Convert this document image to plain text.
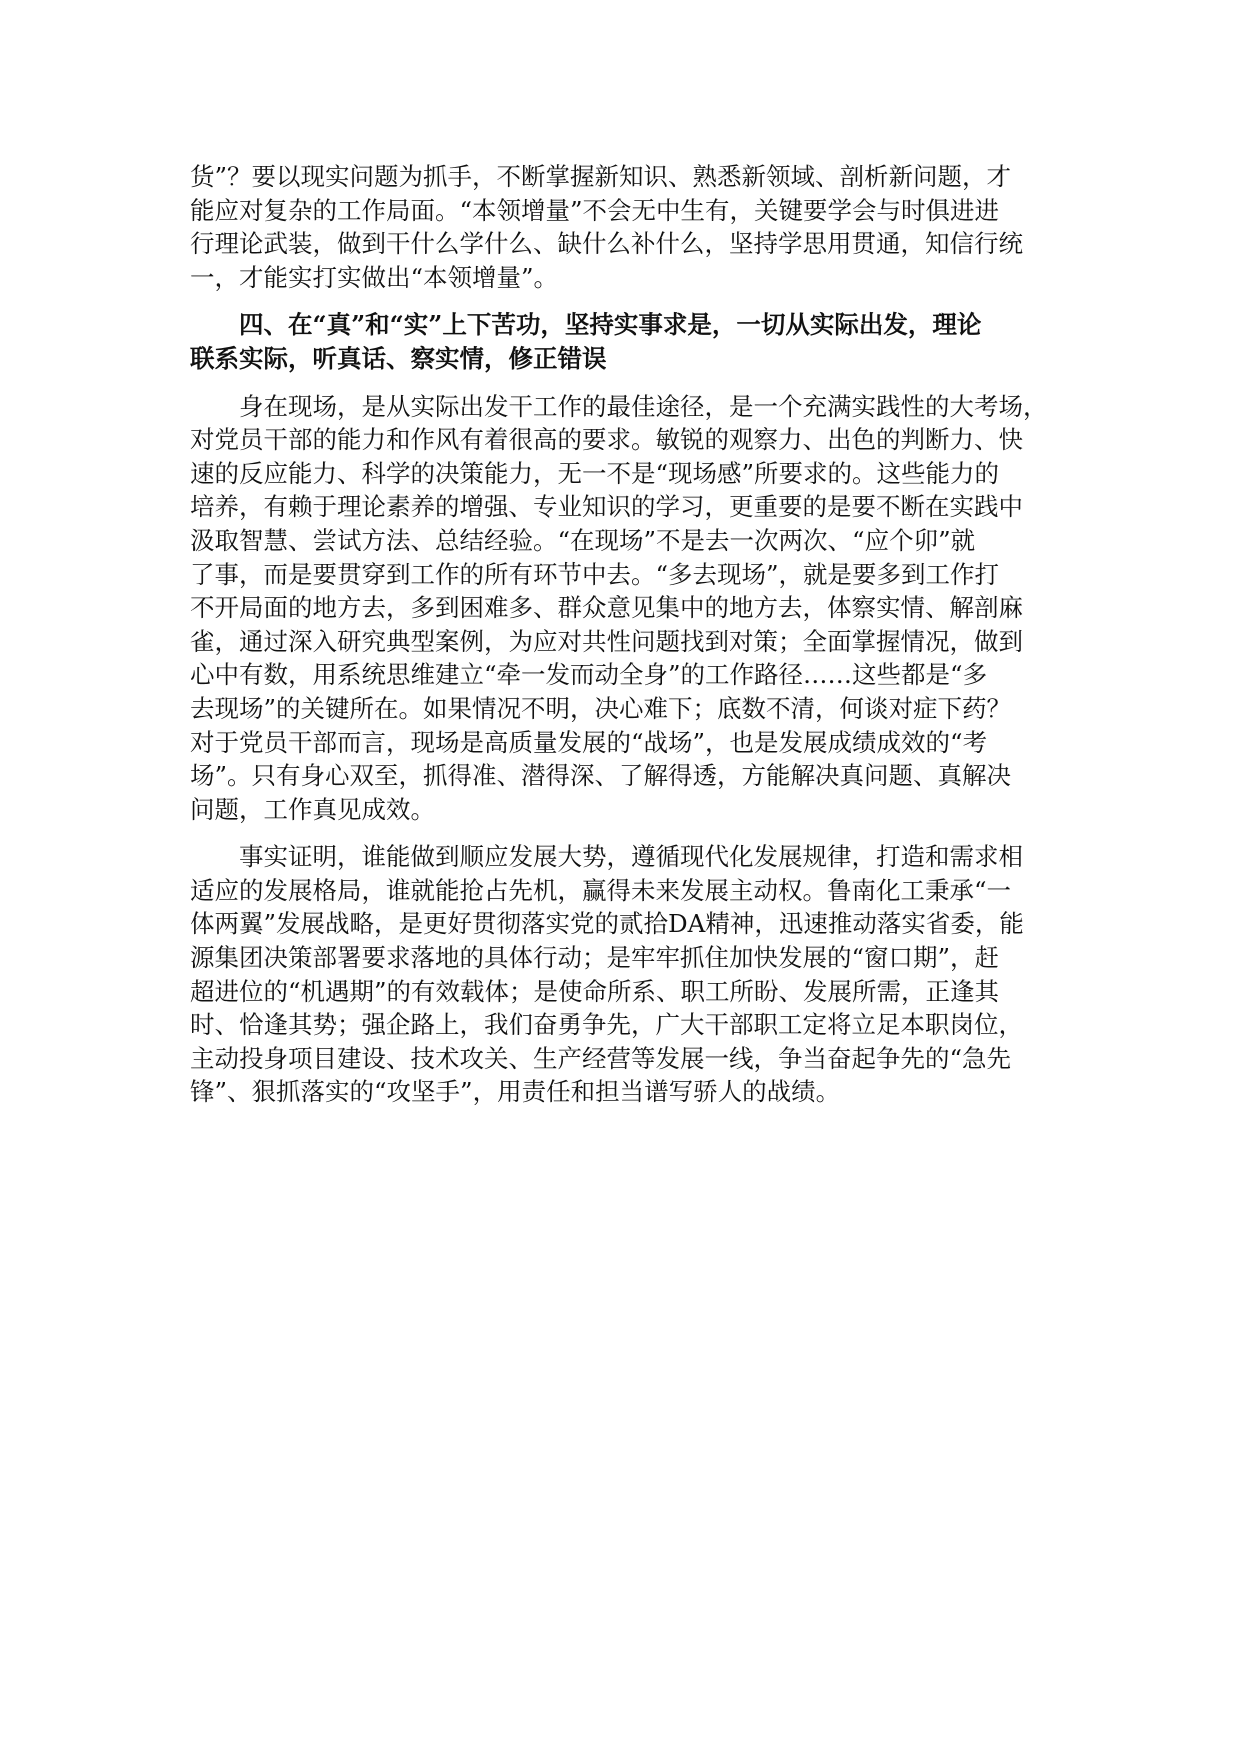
货”？要以现实问题为抓手，不断掌握新知识、熟悉新领域、剖析新问题，才
能应对复杂的工作局面。“本领增量”不会无中生有，关键要学会与时俱进进
行理论武装，做到干什么学什么、缺什么补什么，坚持学思用贯通，知信行统
一，才能实打实做出“本领增量”。

四、在“真”和“实”上下苦功，坚持实事求是，一切从实际出发，理论
联系实际，听真话、察实情，修正错误

身在现场，是从实际出发干工作的最佳途径，是一个充满实践性的大考场，
对党员干部的能力和作风有着很高的要求。敏锐的观察力、出色的判断力、快
速的反应能力、科学的决策能力，无一不是“现场感”所要求的。这些能力的
培养，有赖于理论素养的增强、专业知识的学习，更重要的是要不断在实践中
汲取智慧、尝试方法、总结经验。“在现场”不是去一次两次、“应个卯”就
了事，而是要贯穿到工作的所有环节中去。“多去现场”，就是要多到工作打
不开局面的地方去，多到困难多、群众意见集中的地方去，体察实情、解剖麻
雀，通过深入研究典型案例，为应对共性问题找到对策；全面掌握情况，做到
心中有数，用系统思维建立“牵一发而动全身”的工作路径……这些都是“多
去现场”的关键所在。如果情况不明，决心难下；底数不清，何谈对症下药？
对于党员干部而言，现场是高质量发展的“战场”，也是发展成绩成效的“考
场”。只有身心双至，抓得准、潜得深、了解得透，方能解决真问题、真解决
问题，工作真见成效。

事实证明，谁能做到顺应发展大势，遵循现代化发展规律，打造和需求相
适应的发展格局，谁就能抢占先机，赢得未来发展主动权。鲁南化工秉承“一
体两翼”发展战略，是更好贯彻落实党的贰拾DA精神，迅速推动落实省委，能
源集团决策部署要求落地的具体行动；是牢牢抓住加快发展的“窗口期”，赶
超进位的“机遇期”的有效载体；是使命所系、职工所盼、发展所需，正逢其
时、恰逢其势；强企路上，我们奋勇争先，广大干部职工定将立足本职岗位，
主动投身项目建设、技术攻关、生产经营等发展一线，争当奋起争先的“急先
锋”、狠抓落实的“攻坚手”，用责任和担当谱写骄人的战绩。
